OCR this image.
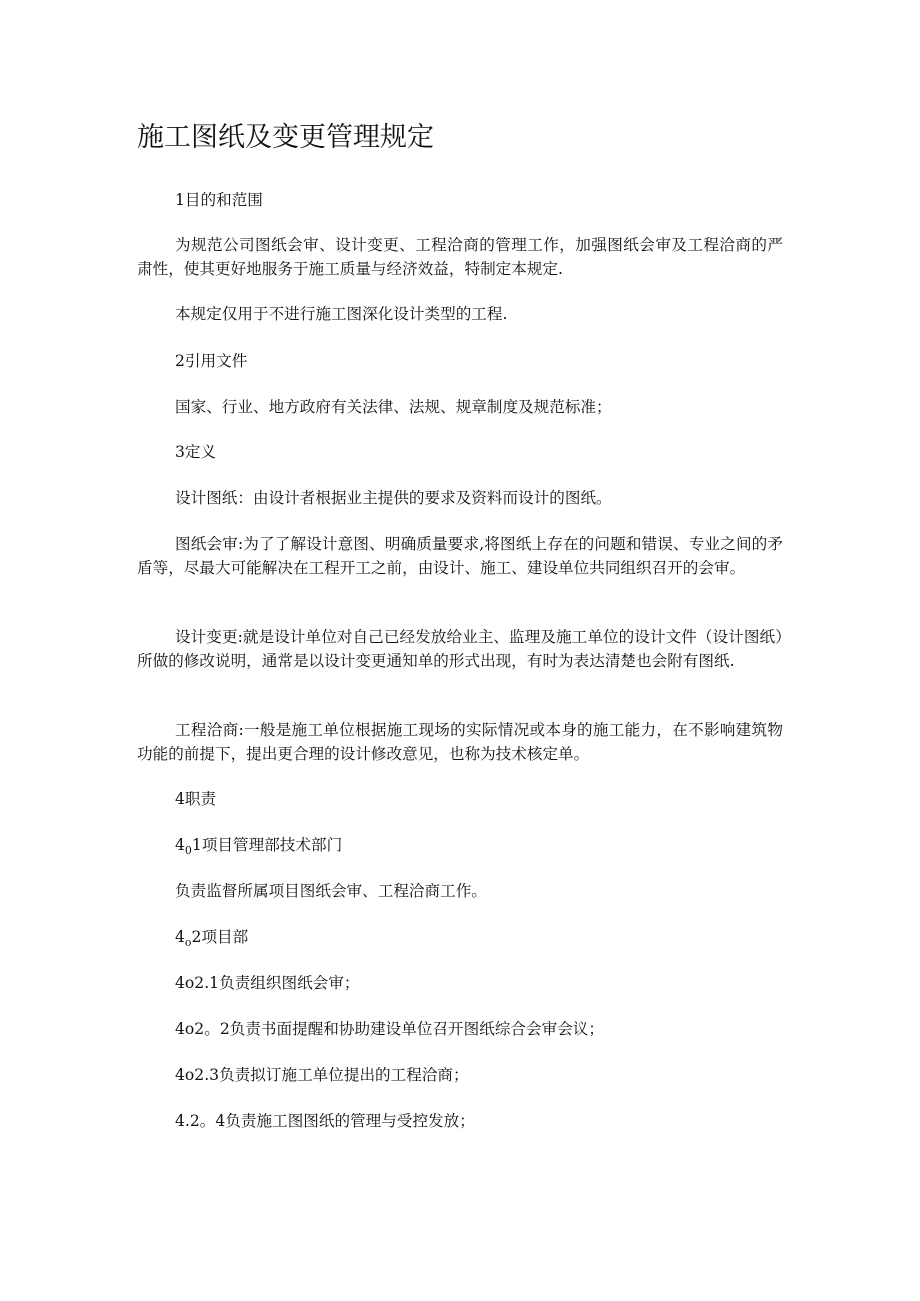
施工图纸及变更管理规定
1目的和范围
为规范公司图纸会审、设计变更、工程洽商的管理工作，加强图纸会审及工程洽商的严肃性，使其更好地服务于施工质量与经济效益，特制定本规定.
本规定仅用于不进行施工图深化设计类型的工程.
2引用文件
国家、行业、地方政府有关法律、法规、规章制度及规范标准；
3定义
设计图纸：由设计者根据业主提供的要求及资料而设计的图纸。
图纸会审:为了了解设计意图、明确质量要求,将图纸上存在的问题和错误、专业之间的矛盾等，尽最大可能解决在工程开工之前，由设计、施工、建设单位共同组织召开的会审。
设计变更:就是设计单位对自己已经发放给业主、监理及施工单位的设计文件（设计图纸）所做的修改说明，通常是以设计变更通知单的形式出现，有时为表达清楚也会附有图纸.
工程洽商:一般是施工单位根据施工现场的实际情况或本身的施工能力，在不影响建筑物功能的前提下，提出更合理的设计修改意见，也称为技术核定单。
4职责
$4_01$项目管理部技术部门
负责监督所属项目图纸会审、工程洽商工作。
$4_o2$项目部
4o2.1负责组织图纸会审；
4o2。2负责书面提醒和协助建设单位召开图纸综合会审会议；
4o2.3负责拟订施工单位提出的工程洽商；
4.2。4负责施工图图纸的管理与受控发放；
